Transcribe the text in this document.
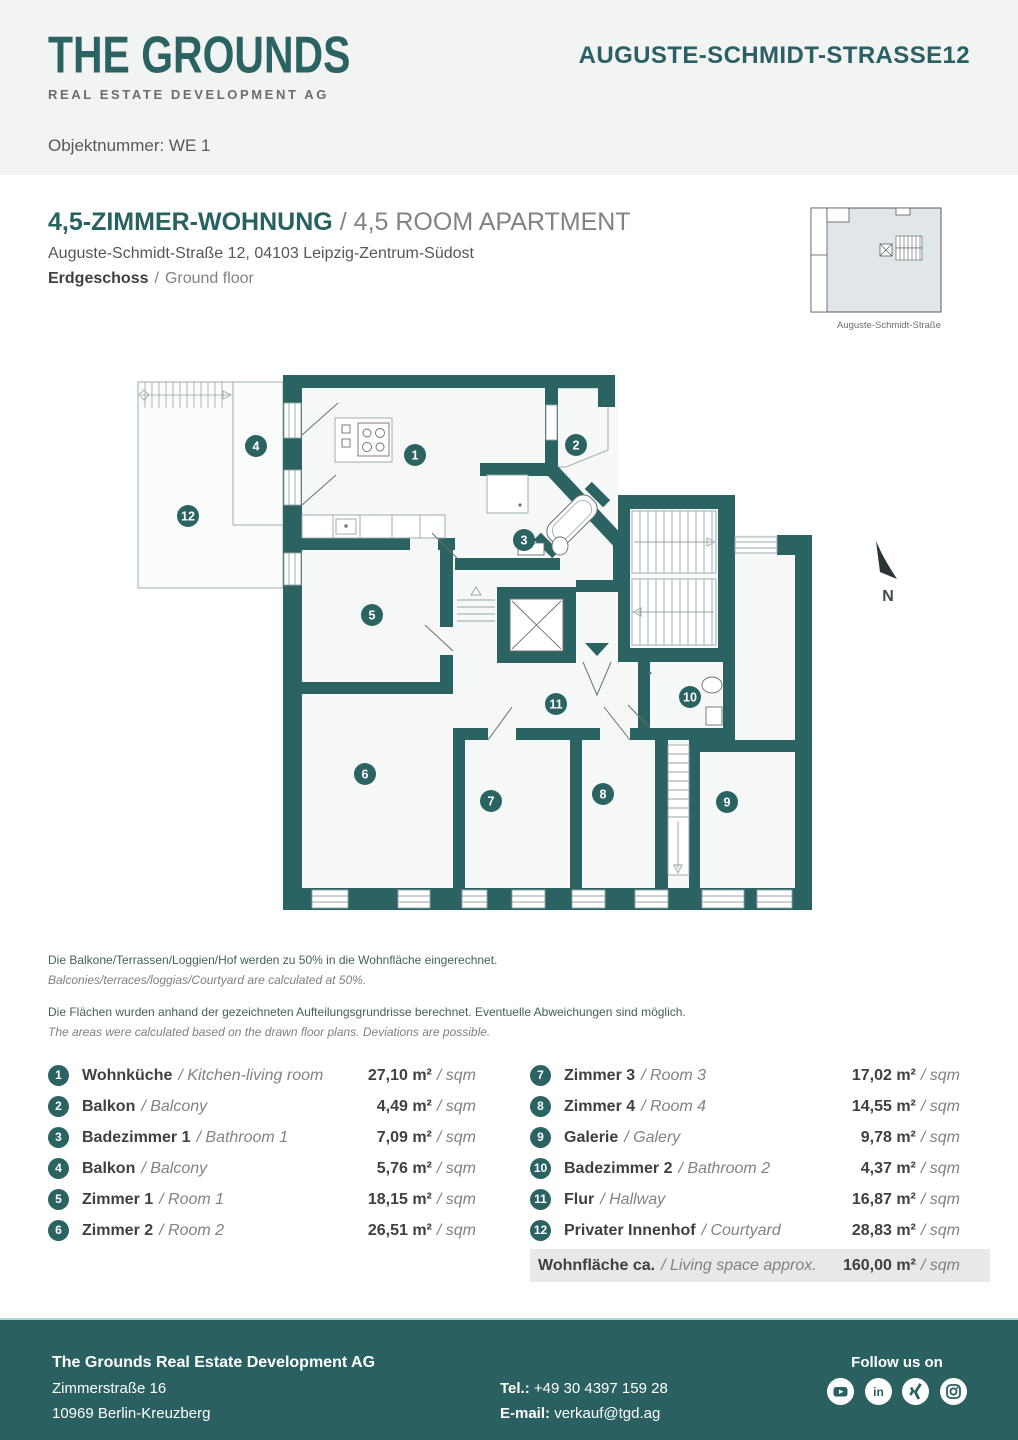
THE GROUNDS
REAL ESTATE DEVELOPMENT AG
Objektnummer: WE 1
AUGUSTE-SCHMIDT-STRASSE12
4,5-ZIMMER-WOHNUNG / 4,5 ROOM APARTMENT
Auguste-Schmidt-Straße 12, 04103 Leipzig-Zentrum-Südost
Erdgeschoss / Ground floor
Auguste-Schmidt-Straße
N
1
2
3
4
5
6
7	8
9
10
11
12
Die Balkone/Terrassen/Loggien/Hof werden zu 50% in die Wohnfläche eingerechnet.
Balconies/terraces/loggias/Courtyard are calculated at 50%.
Die Flächen wurden anhand der gezeichneten Aufteilungsgrundrisse berechnet. Eventuelle Abweichungen sind möglich.
The areas were calculated based on the drawn floor plans. Deviations are possible.
1	Wohnküche / Kitchen-living room	27,10 m² / sqm
2	Balkon / Balcony	4,49 m² / sqm
3	Badezimmer 1 / Bathroom 1	7,09 m² / sqm
4	Balkon / Balcony	5,76 m² / sqm
5	Zimmer 1 / Room 1	18,15 m² / sqm
6	Zimmer 2 / Room 2	26,51 m² / sqm
7	Zimmer 3 / Room 3	17,02 m² / sqm
8	Zimmer 4 / Room 4	14,55 m² / sqm
9	Galerie / Galery	9,78 m² / sqm
10 Badezimmer 2 / Bathroom 2	4,37 m² / sqm
11 Flur / Hallway	16,87 m² / sqm
12 Privater Innenhof / Courtyard	28,83 m² / sqm
Wohnfläche ca. / Living space approx. 160,00 m² / sqm
The Grounds Real Estate Development AG
Zimmerstraße 16
10969 Berlin-Kreuzberg
Tel.: +49 30 4397 159 28
E-mail: verkauf@tgd.ag
Follow us on
in
